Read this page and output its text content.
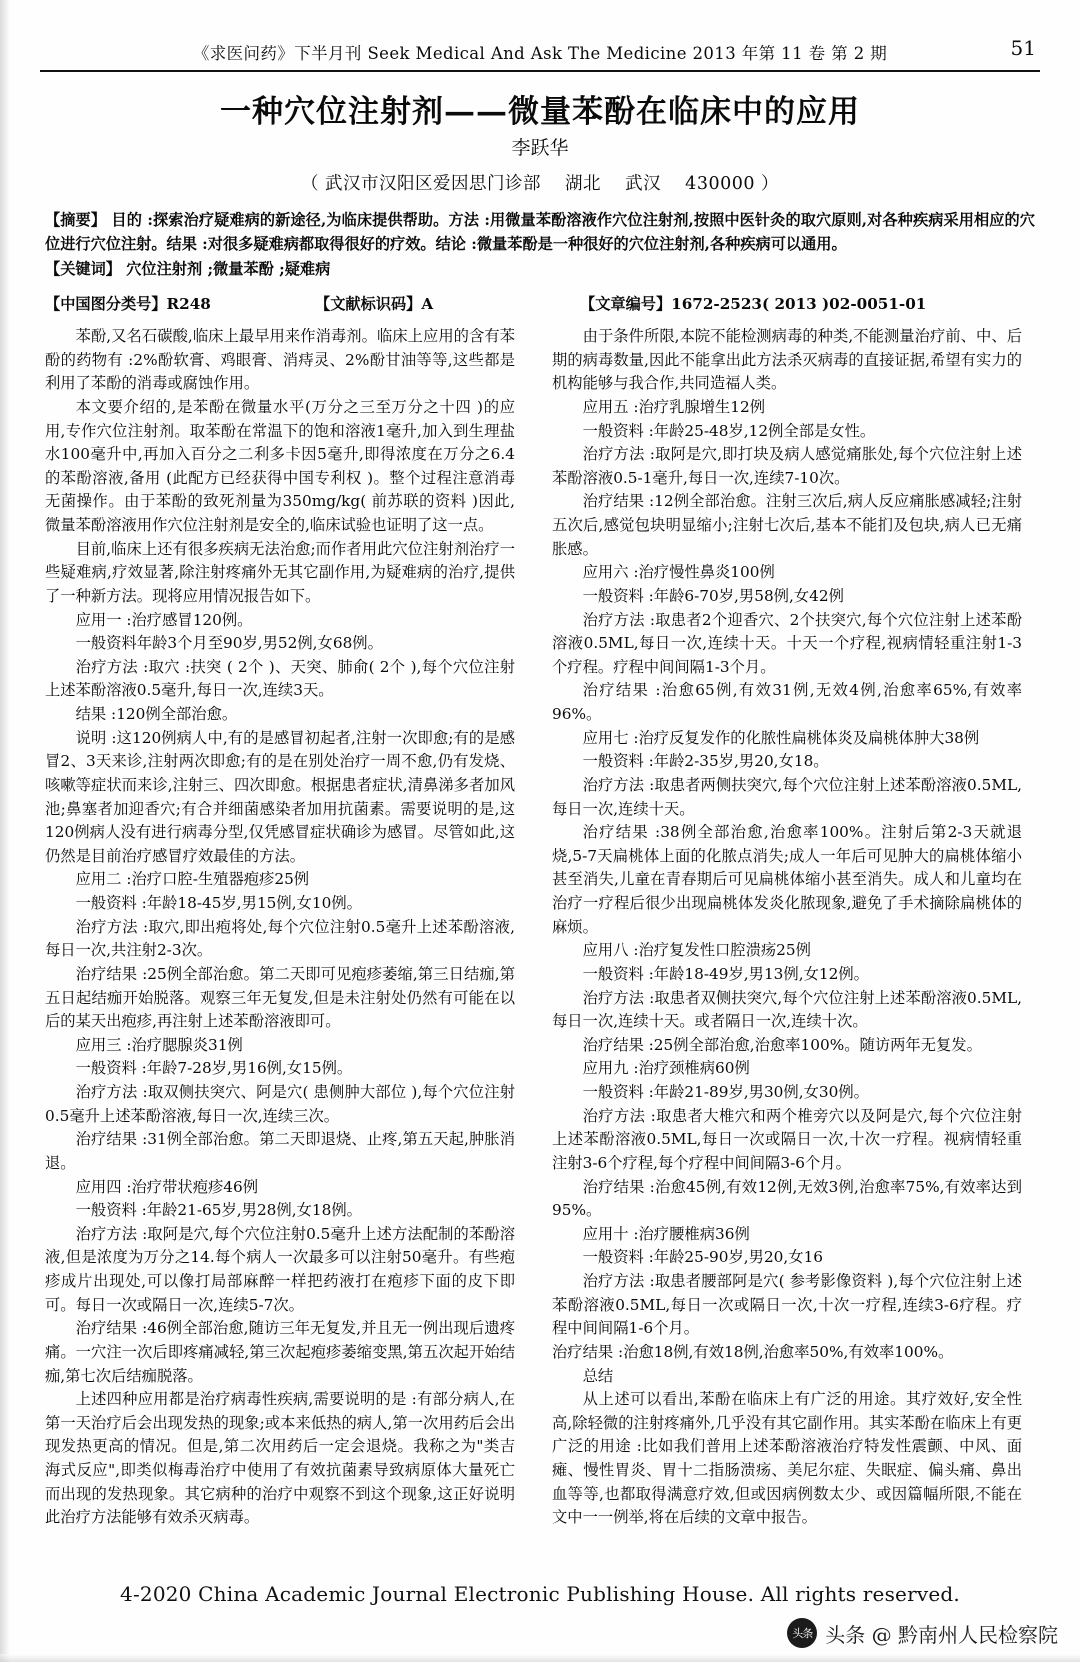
《求医问药》下半月刊 Seek Medical And Ask The Medicine 2013 年第 11 卷 第 2 期	51
一种穴位注射剂——微量苯酚在临床中的应用
李跃华
（ 武汉市汉阳区爱因思门诊部　 湖北　 武汉　 430000 ）
【摘要】 目的 :探索治疗疑难病的新途径,为临床提供帮助。方法 :用微量苯酚溶液作穴位注射剂,按照中医针灸的取穴原则,对各种疾病采用相应的穴位进行穴位注射。结果 :对很多疑难病都取得很好的疗效。结论 :微量苯酚是一种很好的穴位注射剂,各种疾病可以通用。
【关键词】 穴位注射剂 ;微量苯酚 ;疑难病
【中国图分类号】R248	【文献标识码】A	【文章编号】1672-2523( 2013 )02-0051-01

苯酚,又名石碳酸,临床上最早用来作消毒剂。临床上应用的含有苯酚的药物有 :2%酚软膏、鸡眼膏、消痔灵、2%酚甘油等等,这些都是利用了苯酚的消毒或腐蚀作用。

本文要介绍的,是苯酚在微量水平(万分之三至万分之十四 )的应用,专作穴位注射剂。取苯酚在常温下的饱和溶液1毫升,加入到生理盐水100毫升中,再加入百分之二利多卡因5毫升,即得浓度在万分之6.4的苯酚溶液,备用 (此配方已经获得中国专利权 )。整个过程注意消毒无菌操作。由于苯酚的致死剂量为350mg/kg( 前苏联的资料 )因此,微量苯酚溶液用作穴位注射剂是安全的,临床试验也证明了这一点。

目前,临床上还有很多疾病无法治愈;而作者用此穴位注射剂治疗一些疑难病,疗效显著,除注射疼痛外无其它副作用,为疑难病的治疗,提供了一种新方法。现将应用情况报告如下。

应用一 :治疗感冒120例。

一般资料年龄3个月至90岁,男52例,女68例。

治疗方法 :取穴 :扶突 ( 2个 )、天突、肺俞( 2个 ),每个穴位注射上述苯酚溶液0.5毫升,每日一次,连续3天。

结果 :120例全部治愈。

说明 :这120例病人中,有的是感冒初起者,注射一次即愈;有的是感冒2、3天来诊,注射两次即愈;有的是在别处治疗一周不愈,仍有发烧、咳嗽等症状而来诊,注射三、四次即愈。根据患者症状,清鼻涕多者加风池;鼻塞者加迎香穴;有合并细菌感染者加用抗菌素。需要说明的是,这120例病人没有进行病毒分型,仅凭感冒症状确诊为感冒。尽管如此,这仍然是目前治疗感冒疗效最佳的方法。

应用二 :治疗口腔-生殖器疱疹25例

一般资料 :年龄18-45岁,男15例,女10例。

治疗方法 :取穴,即出疱将处,每个穴位注射0.5毫升上述苯酚溶液,每日一次,共注射2-3次。

治疗结果 :25例全部治愈。第二天即可见疱疹萎缩,第三日结痂,第五日起结痂开始脱落。观察三年无复发,但是未注射处仍然有可能在以后的某天出疱疹,再注射上述苯酚溶液即可。

应用三 :治疗腮腺炎31例

一般资料 :年龄7-28岁,男16例,女15例。

治疗方法 :取双侧扶突穴、阿是穴( 患侧肿大部位 ),每个穴位注射0.5毫升上述苯酚溶液,每日一次,连续三次。

治疗结果 :31例全部治愈。第二天即退烧、止疼,第五天起,肿胀消退。

应用四 :治疗带状疱疹46例

一般资料 :年龄21-65岁,男28例,女18例。

治疗方法 :取阿是穴,每个穴位注射0.5毫升上述方法配制的苯酚溶液,但是浓度为万分之14.每个病人一次最多可以注射50毫升。有些疱疹成片出现处,可以像打局部麻醉一样把药液打在疱疹下面的皮下即可。每日一次或隔日一次,连续5-7次。

治疗结果 :46例全部治愈,随访三年无复发,并且无一例出现后遗疼痛。一穴注一次后即疼痛减轻,第三次起疱疹萎缩变黑,第五次起开始结痂,第七次后结痂脱落。

上述四种应用都是治疗病毒性疾病,需要说明的是 :有部分病人,在第一天治疗后会出现发热的现象;或本来低热的病人,第一次用药后会出现发热更高的情况。但是,第二次用药后一定会退烧。我称之为"类吉海式反应",即类似梅毒治疗中使用了有效抗菌素导致病原体大量死亡而出现的发热现象。其它病种的治疗中观察不到这个现象,这正好说明此治疗方法能够有效杀灭病毒。

由于条件所限,本院不能检测病毒的种类,不能测量治疗前、中、后期的病毒数量,因此不能拿出此方法杀灭病毒的直接证据,希望有实力的机构能够与我合作,共同造福人类。

应用五 :治疗乳腺增生12例

一般资料 :年龄25-48岁,12例全部是女性。

治疗方法 :取阿是穴,即打块及病人感觉痛胀处,每个穴位注射上述苯酚溶液0.5-1毫升,每日一次,连续7-10次。

治疗结果 :12例全部治愈。注射三次后,病人反应痛胀感减轻;注射五次后,感觉包块明显缩小;注射七次后,基本不能扪及包块,病人已无痛胀感。

应用六 :治疗慢性鼻炎100例

一般资料 :年龄6-70岁,男58例,女42例

治疗方法 :取患者2个迎香穴、2个扶突穴,每个穴位注射上述苯酚溶液0.5ML,每日一次,连续十天。十天一个疗程,视病情轻重注射1-3个疗程。疗程中间间隔1-3个月。

治疗结果 :治愈65例,有效31例,无效4例,治愈率65%,有效率96%。

应用七 :治疗反复发作的化脓性扁桃体炎及扁桃体肿大38例

一般资料 :年龄2-35岁,男20,女18。

治疗方法 :取患者两侧扶突穴,每个穴位注射上述苯酚溶液0.5ML,每日一次,连续十天。

治疗结果 :38例全部治愈,治愈率100%。注射后第2-3天就退烧,5-7天扁桃体上面的化脓点消失;成人一年后可见肿大的扁桃体缩小甚至消失,儿童在青春期后可见扁桃体缩小甚至消失。成人和儿童均在治疗一疗程后很少出现扁桃体发炎化脓现象,避免了手术摘除扁桃体的麻烦。

应用八 :治疗复发性口腔溃疡25例

一般资料 :年龄18-49岁,男13例,女12例。

治疗方法 :取患者双侧扶突穴,每个穴位注射上述苯酚溶液0.5ML,每日一次,连续十天。或者隔日一次,连续十次。

治疗结果 :25例全部治愈,治愈率100%。随访两年无复发。

应用九 :治疗颈椎病60例

一般资料 :年龄21-89岁,男30例,女30例。

治疗方法 :取患者大椎穴和两个椎旁穴以及阿是穴,每个穴位注射上述苯酚溶液0.5ML,每日一次或隔日一次,十次一疗程。视病情轻重注射3-6个疗程,每个疗程中间间隔3-6个月。

治疗结果 :治愈45例,有效12例,无效3例,治愈率75%,有效率达到95%。

应用十 :治疗腰椎病36例

一般资料 :年龄25-90岁,男20,女16

治疗方法 :取患者腰部阿是穴( 参考影像资料 ),每个穴位注射上述苯酚溶液0.5ML,每日一次或隔日一次,十次一疗程,连续3-6疗程。疗程中间间隔1-6个月。

治疗结果 :治愈18例,有效18例,治愈率50%,有效率100%。

总结

从上述可以看出,苯酚在临床上有广泛的用途。其疗效好,安全性高,除轻微的注射疼痛外,几乎没有其它副作用。其实苯酚在临床上有更广泛的用途 :比如我们普用上述苯酚溶液治疗特发性震颤、中风、面瘫、慢性胃炎、胃十二指肠溃疡、美尼尔症、失眠症、偏头痛、鼻出血等等,也都取得满意疗效,但或因病例数太少、或因篇幅所限,不能在文中一一例举,将在后续的文章中报告。

4-2020 China Academic Journal Electronic Publishing House. All rights reserved.
头条 头条 @ 黔南州人民检察院
